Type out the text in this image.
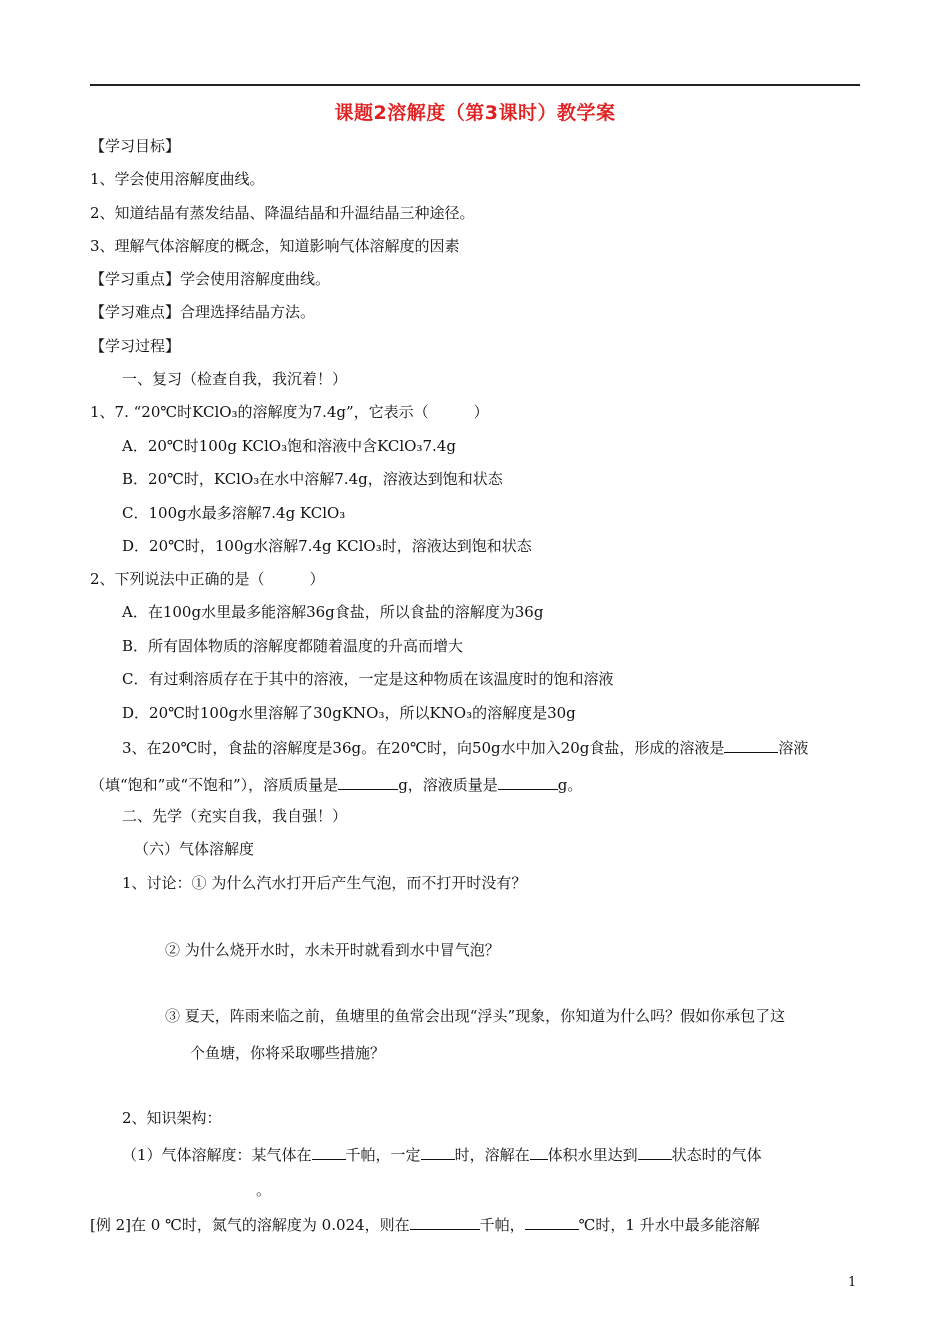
课题2溶解度（第3课时）教学案
【学习目标】
1、学会使用溶解度曲线。
2、知道结晶有蒸发结晶、降温结晶和升温结晶三种途径。
3、理解气体溶解度的概念，知道影响气体溶解度的因素
【学习重点】学会使用溶解度曲线。
【学习难点】合理选择结晶方法。
【学习过程】
一、复习（检查自我，我沉着！）
1、7. “20℃时KClO₃的溶解度为7.4g”，它表示（　　　）
A．20℃时100g KClO₃饱和溶液中含KClO₃7.4g
B．20℃时，KClO₃在水中溶解7.4g，溶液达到饱和状态
C．100g水最多溶解7.4g KClO₃
D．20℃时，100g水溶解7.4g KClO₃时，溶液达到饱和状态
2、下列说法中正确的是（　　　）
A．在100g水里最多能溶解36g食盐，所以食盐的溶解度为36g
B．所有固体物质的溶解度都随着温度的升高而增大
C．有过剩溶质存在于其中的溶液，一定是这种物质在该温度时的饱和溶液
D．20℃时100g水里溶解了30gKNO₃，所以KNO₃的溶解度是30g
3、在20℃时，食盐的溶解度是36g。在20℃时，向50g水中加入20g食盐，形成的溶液是	溶液
（填“饱和”或“不饱和”），溶质质量是	g，溶液质量是	g。
二、先学（充实自我，我自强！）
（六）气体溶解度
1、讨论：① 为什么汽水打开后产生气泡，而不打开时没有？
② 为什么烧开水时，水未开时就看到水中冒气泡？
③ 夏天，阵雨来临之前，鱼塘里的鱼常会出现“浮头”现象，你知道为什么吗？假如你承包了这
个鱼塘，你将采取哪些措施？
2、知识架构：
（1）气体溶解度：某气体在 千帕，一定 时，溶解在 体积水里达到 状态时的气体
。
[例 2]在 0 ℃时，氮气的溶解度为 0.024，则在	千帕，	℃时，1 升水中最多能溶解
1
